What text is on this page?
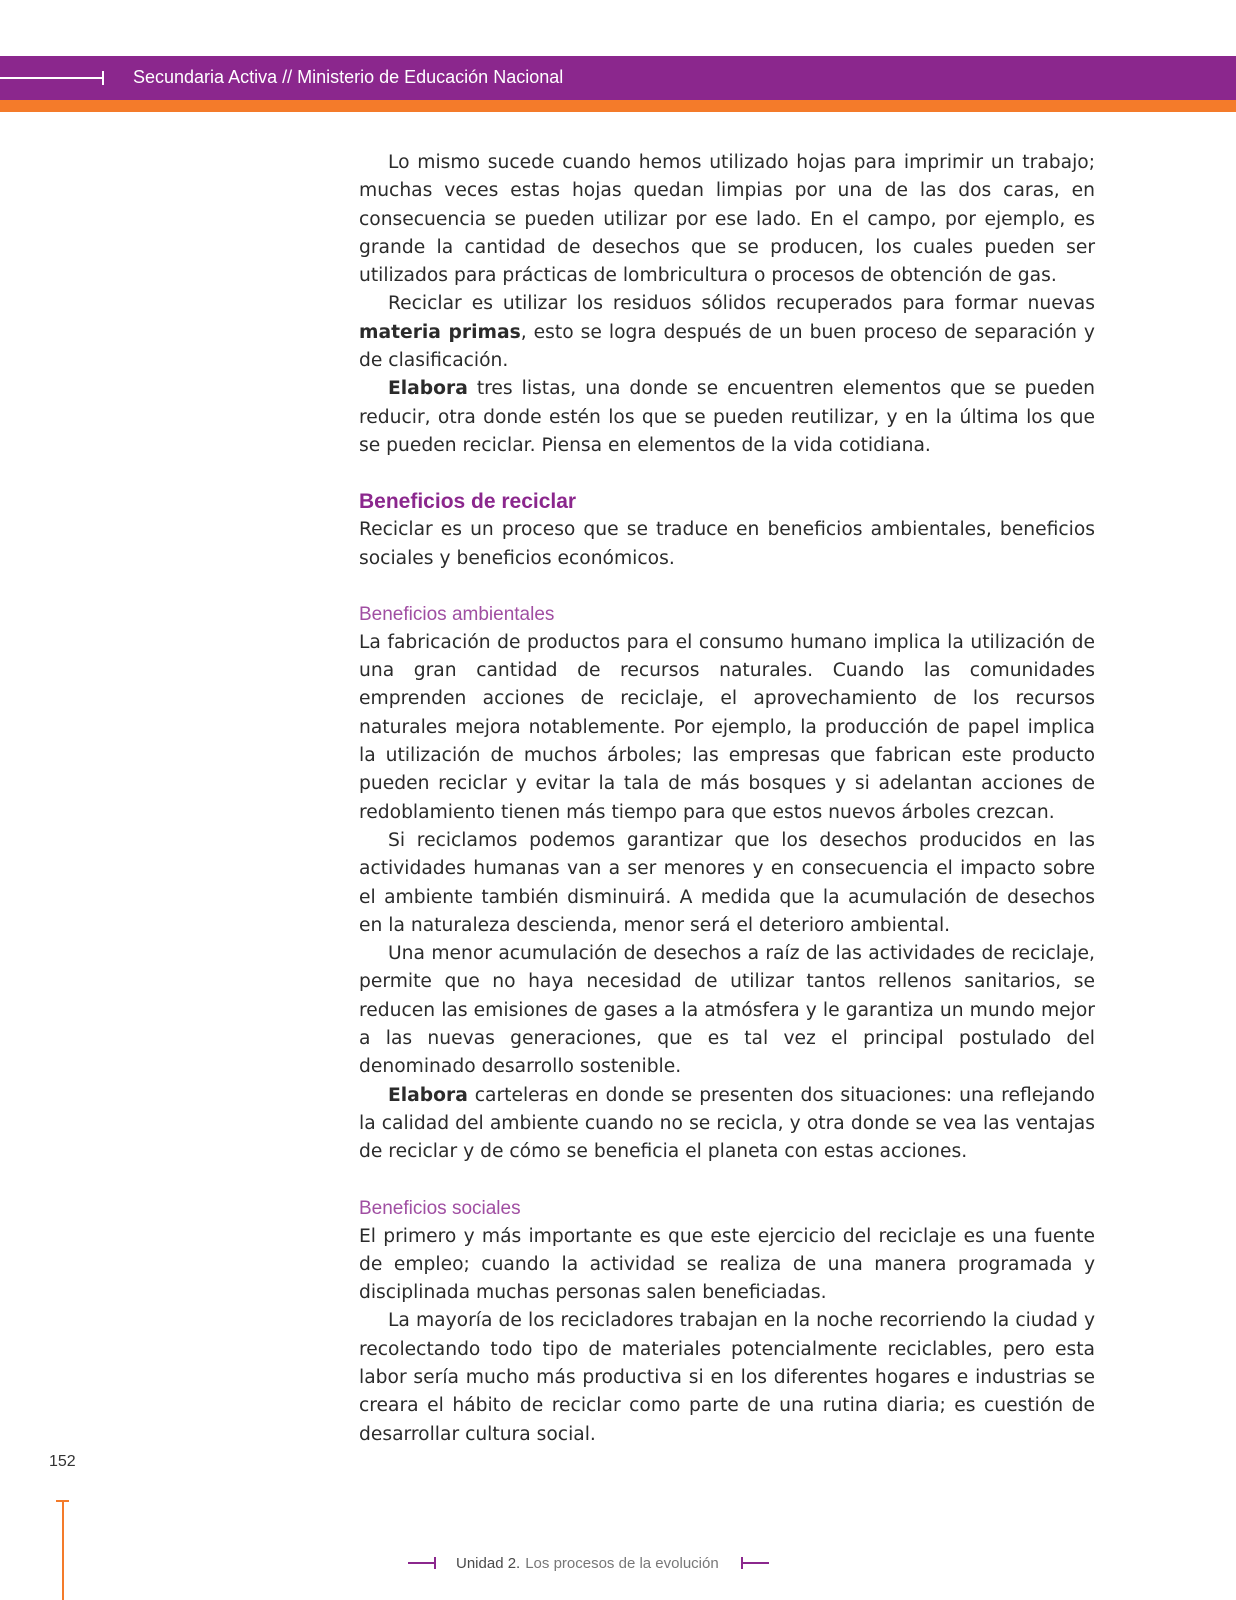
Secundaria Activa // Ministerio de Educación Nacional

Lo mismo sucede cuando hemos utilizado hojas para imprimir un trabajo; muchas veces estas hojas quedan limpias por una de las dos caras, en consecuencia se pueden utilizar por ese lado. En el campo, por ejemplo, es grande la cantidad de desechos que se producen, los cuales pueden ser utilizados para prácticas de lombricultura o procesos de obtención de gas.

Reciclar es utilizar los residuos sólidos recuperados para formar nuevas materia primas, esto se logra después de un buen proceso de separación y de clasificación.

Elabora tres listas, una donde se encuentren elementos que se pueden reducir, otra donde estén los que se pueden reutilizar, y en la última los que se pueden reciclar. Piensa en elementos de la vida cotidiana.

Beneficios de reciclar

Reciclar es un proceso que se traduce en beneficios ambientales, beneficios sociales y beneficios económicos.

Beneficios ambientales

La fabricación de productos para el consumo humano implica la utilización de una gran cantidad de recursos naturales. Cuando las comunidades emprenden acciones de reciclaje, el aprovechamiento de los recursos naturales mejora notablemente. Por ejemplo, la producción de papel implica la utilización de muchos árboles; las empresas que fabrican este producto pueden reciclar y evitar la tala de más bosques y si adelantan acciones de redoblamiento tienen más tiempo para que estos nuevos árboles crezcan.

Si reciclamos podemos garantizar que los desechos producidos en las actividades humanas van a ser menores y en consecuencia el impacto sobre el ambiente también disminuirá. A medida que la acumulación de desechos en la naturaleza descienda, menor será el deterioro ambiental.

Una menor acumulación de desechos a raíz de las actividades de reciclaje, permite que no haya necesidad de utilizar tantos rellenos sanitarios, se reducen las emisiones de gases a la atmósfera y le garantiza un mundo mejor a las nuevas generaciones, que es tal vez el principal postulado del denominado desarrollo sostenible.

Elabora carteleras en donde se presenten dos situaciones: una reflejando la calidad del ambiente cuando no se recicla, y otra donde se vea las ventajas de reciclar y de cómo se beneficia el planeta con estas acciones.

Beneficios sociales

El primero y más importante es que este ejercicio del reciclaje es una fuente de empleo; cuando la actividad se realiza de una manera programada y disciplinada muchas personas salen beneficiadas.

La mayoría de los recicladores trabajan en la noche recorriendo la ciudad y recolectando todo tipo de materiales potencialmente reciclables, pero esta labor sería mucho más productiva si en los diferentes hogares e industrias se creara el hábito de reciclar como parte de una rutina diaria; es cuestión de desarrollar cultura social.

152
Unidad 2. Los procesos de la evolución
